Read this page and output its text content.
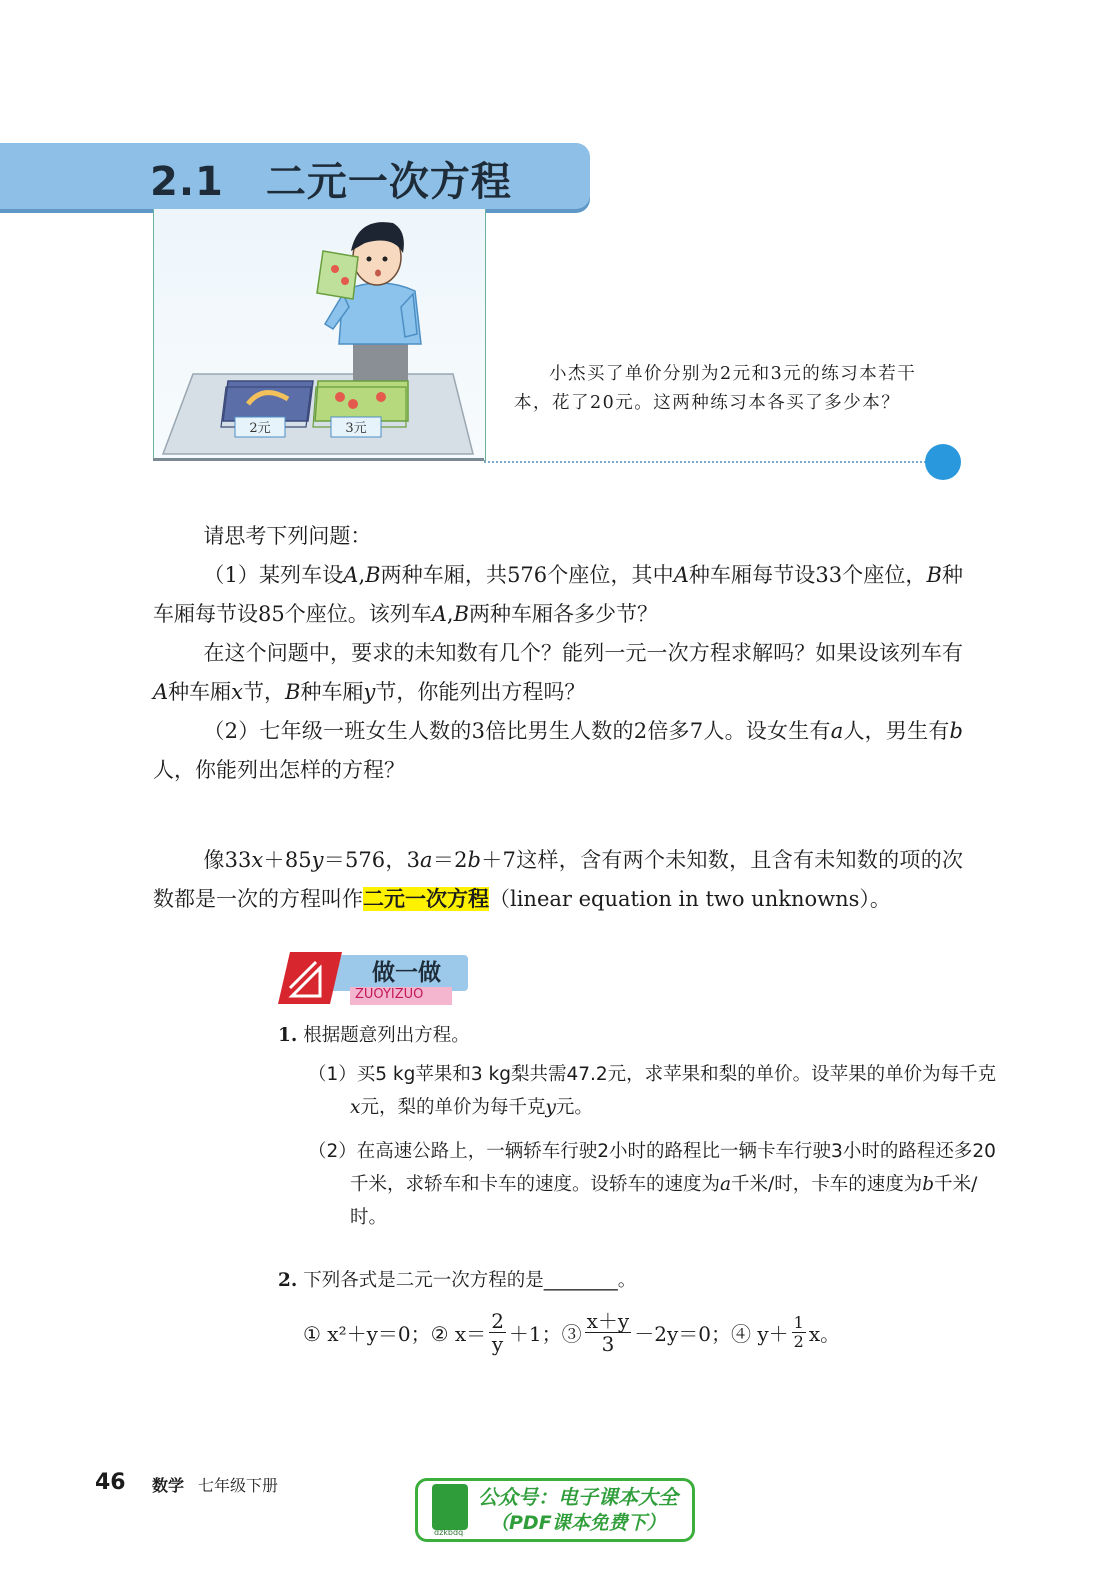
2.1 二元一次方程
2元	3元

小杰买了单价分别为2元和3元的练习本若干本，花了20元。这两种练习本各买了多少本？

请思考下列问题：

（1）某列车设A,B两种车厢，共576个座位，其中A种车厢每节设33个座位，B种车厢每节设85个座位。该列车A,B两种车厢各多少节？

在这个问题中，要求的未知数有几个？能列一元一次方程求解吗？如果设该列车有A种车厢x节，B种车厢y节，你能列出方程吗？

（2）七年级一班女生人数的3倍比男生人数的2倍多7人。设女生有a人，男生有b人，你能列出怎样的方程？

像33x＋85y＝576，3a＝2b＋7这样，含有两个未知数，且含有未知数的项的次数都是一次的方程叫作二元一次方程（linear equation in two unknowns）。

做一做
ZUOYIZUO
1. 根据题意列出方程。
（1）买5 kg苹果和3 kg梨共需47.2元，求苹果和梨的单价。设苹果的单价为每千克x元，梨的单价为每千克y元。
（2）在高速公路上，一辆轿车行驶2小时的路程比一辆卡车行驶3小时的路程还多20千米，求轿车和卡车的速度。设轿车的速度为a千米/时，卡车的速度为b千米/时。
2. 下列各式是二元一次方程的是________。
① x²＋y＝0；② $x= \frac{2}{y} +1$；③ $\frac{x+y}{3} -2y=0$；④ $y+ \frac{1}{2}$ x。
46 数学 七年级下册
dzkbdq
公众号：电子课本大全
（PDF课本免费下）
